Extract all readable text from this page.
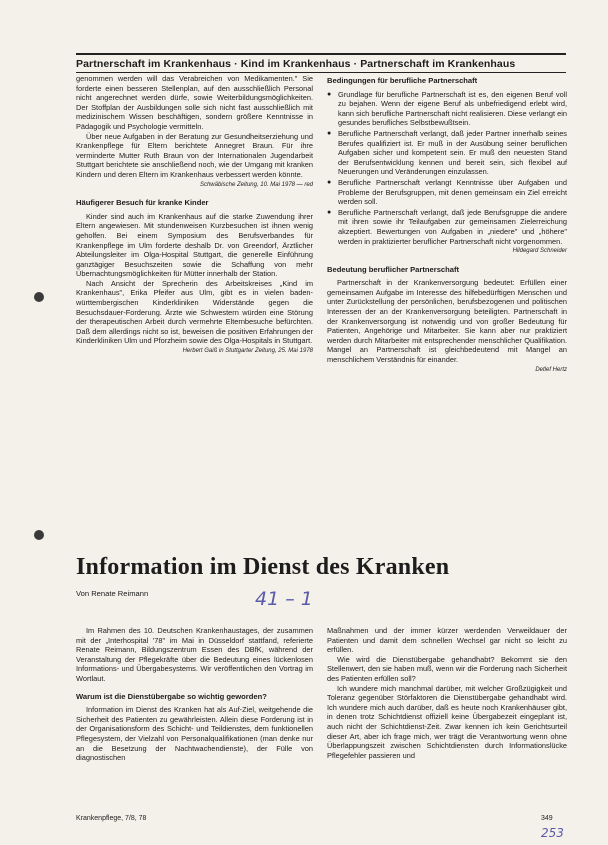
Partnerschaft im Krankenhaus · Kind im Krankenhaus · Partnerschaft im Krankenhaus

genommen werden will das Verabreichen von Medikamenten." Sie forderte einen besseren Stellenplan, auf den ausschließlich Personal nicht angerechnet werden dürfe, sowie Weiterbildungsmöglichkeiten. Der Stoffplan der Ausbildungen solle sich nicht fast ausschließlich mit medizinischem Wissen beschäftigen, sondern größere Kenntnisse in Pädagogik und Psychologie vermitteln.

Über neue Aufgaben in der Beratung zur Gesundheitserziehung und Krankenpflege für Eltern berichtete Annegret Braun. Für ihre verminderte Mutter Ruth Braun von der Internationalen Jugendarbeit Stuttgart berichtete sie anschließend noch, wie der Umgang mit kranken Kindern und deren Eltern im Krankenhaus verbessert werden könnte.

Schwäbische Zeitung, 10. Mai 1978 — red
Häufigerer Besuch für kranke Kinder

Kinder sind auch im Krankenhaus auf die starke Zuwendung ihrer Eltern angewiesen. Mit stundenweisen Kurzbesuchen ist ihnen wenig geholfen. Bei einem Symposium des Berufsverbandes für Krankenpflege im Ulm forderte deshalb Dr. von Greendorf, Ärztlicher Abteilungsleiter im Olga-Hospital Stuttgart, die generelle Einführung ganztägiger Besuchszeiten sowie die Schaffung von mehr Übernachtungsmöglichkeiten für Mütter innerhalb der Station.

Nach Ansicht der Sprecherin des Arbeitskreises „Kind im Krankenhaus", Erika Pfeifer aus Ulm, gibt es in vielen baden-württembergischen Kinderkliniken Widerstände gegen die Besuchsdauer-Forderung. Ärzte wie Schwestern würden eine Störung der therapeutischen Arbeit durch vermehrte Elternbesuche befürchten. Daß dem allerdings nicht so ist, beweisen die positiven Erfahrungen der Kinderkliniken Ulm und Pforzheim sowie des Olga-Hospitals in Stuttgart.

Herbert Gaiß in Stuttgarter Zeitung, 25. Mai 1978
Bedingungen für berufliche Partnerschaft
● Grundlage für berufliche Partnerschaft ist es, den eigenen Beruf voll zu bejahen. Wenn der eigene Beruf als unbefriedigend erlebt wird, kann sich berufliche Partnerschaft nicht realisieren. Diese verlangt ein gesundes berufliches Selbstbewußtsein.
● Berufliche Partnerschaft verlangt, daß jeder Partner innerhalb seines Berufes qualifiziert ist. Er muß in der Ausübung seiner beruflichen Aufgaben sicher und kompetent sein. Er muß den neuesten Stand der Berufsentwicklung kennen und bereit sein, sich flexibel auf Neuerungen und Veränderungen einzulassen.
● Berufliche Partnerschaft verlangt Kenntnisse über Aufgaben und Probleme der Berufsgruppen, mit denen gemeinsam ein Ziel erreicht werden soll.
● Berufliche Partnerschaft verlangt, daß jede Berufsgruppe die andere mit ihren sowie ihr Teilaufgaben zur gemeinsamen Zielerreichung akzeptiert. Bewertungen von Aufgaben in „niedere" und „höhere" werden in praktizierter beruflicher Partnerschaft nicht vorgenommen.
Hildegard Schneider
Bedeutung beruflicher Partnerschaft

Partnerschaft in der Krankenversorgung bedeutet: Erfüllen einer gemeinsamen Aufgabe im Interesse des hilfebedürftigen Menschen und unter Zurückstellung der persönlichen, berufsbezogenen und politischen Interessen der an der Krankenversorgung beteiligten. Partnerschaft in der Krankenversorgung ist notwendig und von großer Bedeutung für Patienten, Angehörige und Mitarbeiter. Sie kann aber nur praktiziert werden durch Mitarbeiter mit entsprechender menschlicher Qualifikation. Mangel an Partnerschaft ist gleichbedeutend mit Mangel an menschlichem Verständnis für einander.

Detlef Hertz
Information im Dienst des Kranken
Von Renate Reimann	41 – 1

Im Rahmen des 10. Deutschen Krankenhaustages, der zusammen mit der „Interhospital '78" im Mai in Düsseldorf stattfand, referierte Renate Reimann, Bildungszentrum Essen des DBfK, während der Veranstaltung der Pflegekräfte über die Bedeutung eines lückenlosen Informations- und Übergabesystems. Wir veröffentlichen den Vortrag im Wortlaut.

Warum ist die Dienstübergabe so wichtig geworden?

Information im Dienst des Kranken hat als Auf-Ziel, weitgehende die Sicherheit des Patienten zu gewährleisten. Allein diese Forderung ist in der Organisationsform des Schicht- und Teildienstes, dem funktionellen Pflegesystem, der Vielzahl von Personalqualifikationen (man denke nur an die Besetzung der Nachtwachendienste), der Fülle von diagnostischen

Maßnahmen und der immer kürzer werdenden Verweildauer der Patienten und damit dem schnellen Wechsel gar nicht so leicht zu erfüllen.

Wie wird die Dienstübergabe gehandhabt? Bekommt sie den Stellenwert, den sie haben muß, wenn wir die Forderung nach Sicherheit des Patienten erfüllen soll?

Ich wundere mich manchmal darüber, mit welcher Großzügigkeit und Toleranz gegenüber Störfaktoren die Dienstübergabe gehandhabt wird. Ich wundere mich auch darüber, daß es heute noch Krankenhäuser gibt, in denen trotz Schichtdienst offiziell keine Übergabezeit eingeplant ist, auch nicht der Schichtdienst-Zeit. Zwar kennen ich kein Gerichtsurteil dieser Art, aber ich frage mich, wer trägt die Verantwortung wenn ohne Überlappungszeit zwischen Schichtdiensten durch Informationslücke Pflegefehler passieren und

Krankenpflege, 7/8, 78	349
253
